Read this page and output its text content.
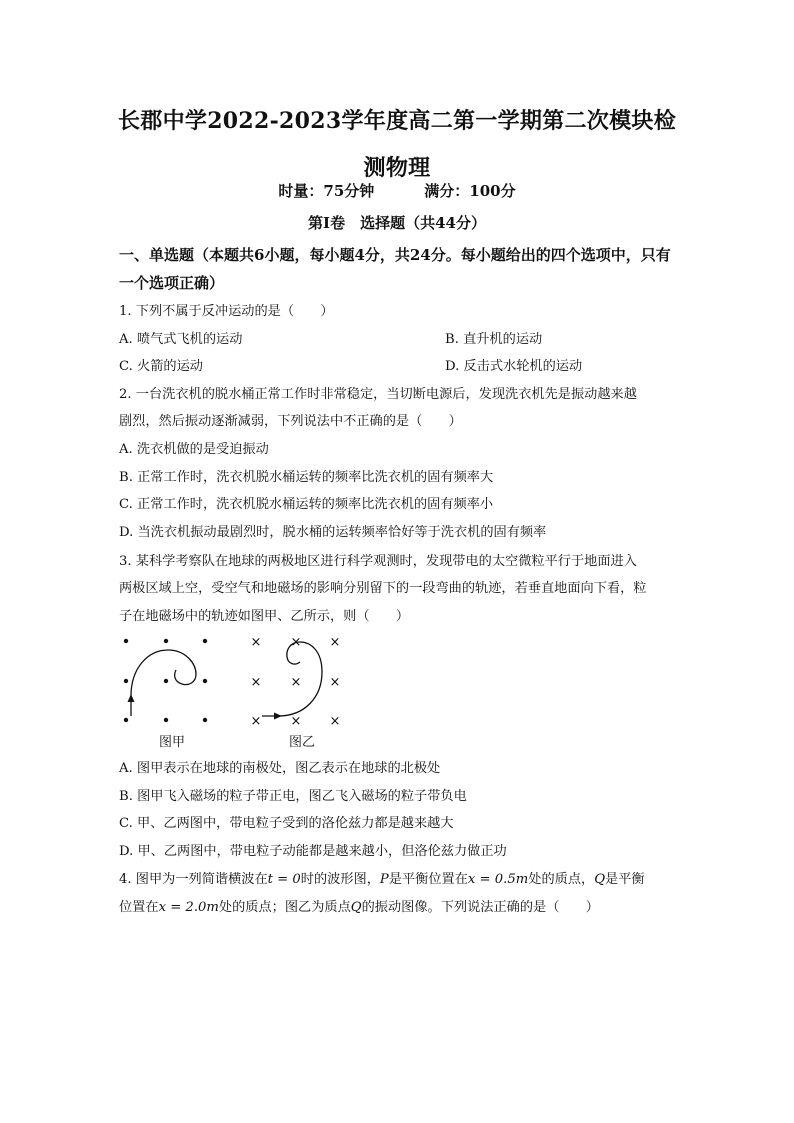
长郡中学2022-2023学年度高二第一学期第二次模块检测物理
时量：75分钟	满分：100分
第Ⅰ卷　选择题（共44分）
一、单选题（本题共6小题，每小题4分，共24分。每小题给出的四个选项中，只有一个选项正确）
1. 下列不属于反冲运动的是（　　）
A. 喷气式飞机的运动	B. 直升机的运动
C. 火箭的运动	D. 反击式水轮机的运动
2. 一台洗衣机的脱水桶正常工作时非常稳定，当切断电源后，发现洗衣机先是振动越来越
剧烈，然后振动逐渐减弱，下列说法中不正确的是（　　）
A. 洗衣机做的是受迫振动
B. 正常工作时，洗衣机脱水桶运转的频率比洗衣机的固有频率大
C. 正常工作时，洗衣机脱水桶运转的频率比洗衣机的固有频率小
D. 当洗衣机振动最剧烈时，脱水桶的运转频率恰好等于洗衣机的固有频率
3. 某科学考察队在地球的两极地区进行科学观测时，发现带电的太空微粒平行于地面进入
两极区域上空，受空气和地磁场的影响分别留下的一段弯曲的轨迹，若垂直地面向下看，粒
子在地磁场中的轨迹如图甲、乙所示，则（　　）
× × ×
× × ×
× × ×
图甲	图乙
A. 图甲表示在地球的南极处，图乙表示在地球的北极处
B. 图甲飞入磁场的粒子带正电，图乙飞入磁场的粒子带负电
C. 甲、乙两图中，带电粒子受到的洛伦兹力都是越来越大
D. 甲、乙两图中，带电粒子动能都是越来越小，但洛伦兹力做正功
4. 图甲为一列简谐横波在t = 0时的波形图，P是平衡位置在x = 0.5m处的质点，Q是平衡
位置在x = 2.0m处的质点；图乙为质点Q的振动图像。下列说法正确的是（　　）
